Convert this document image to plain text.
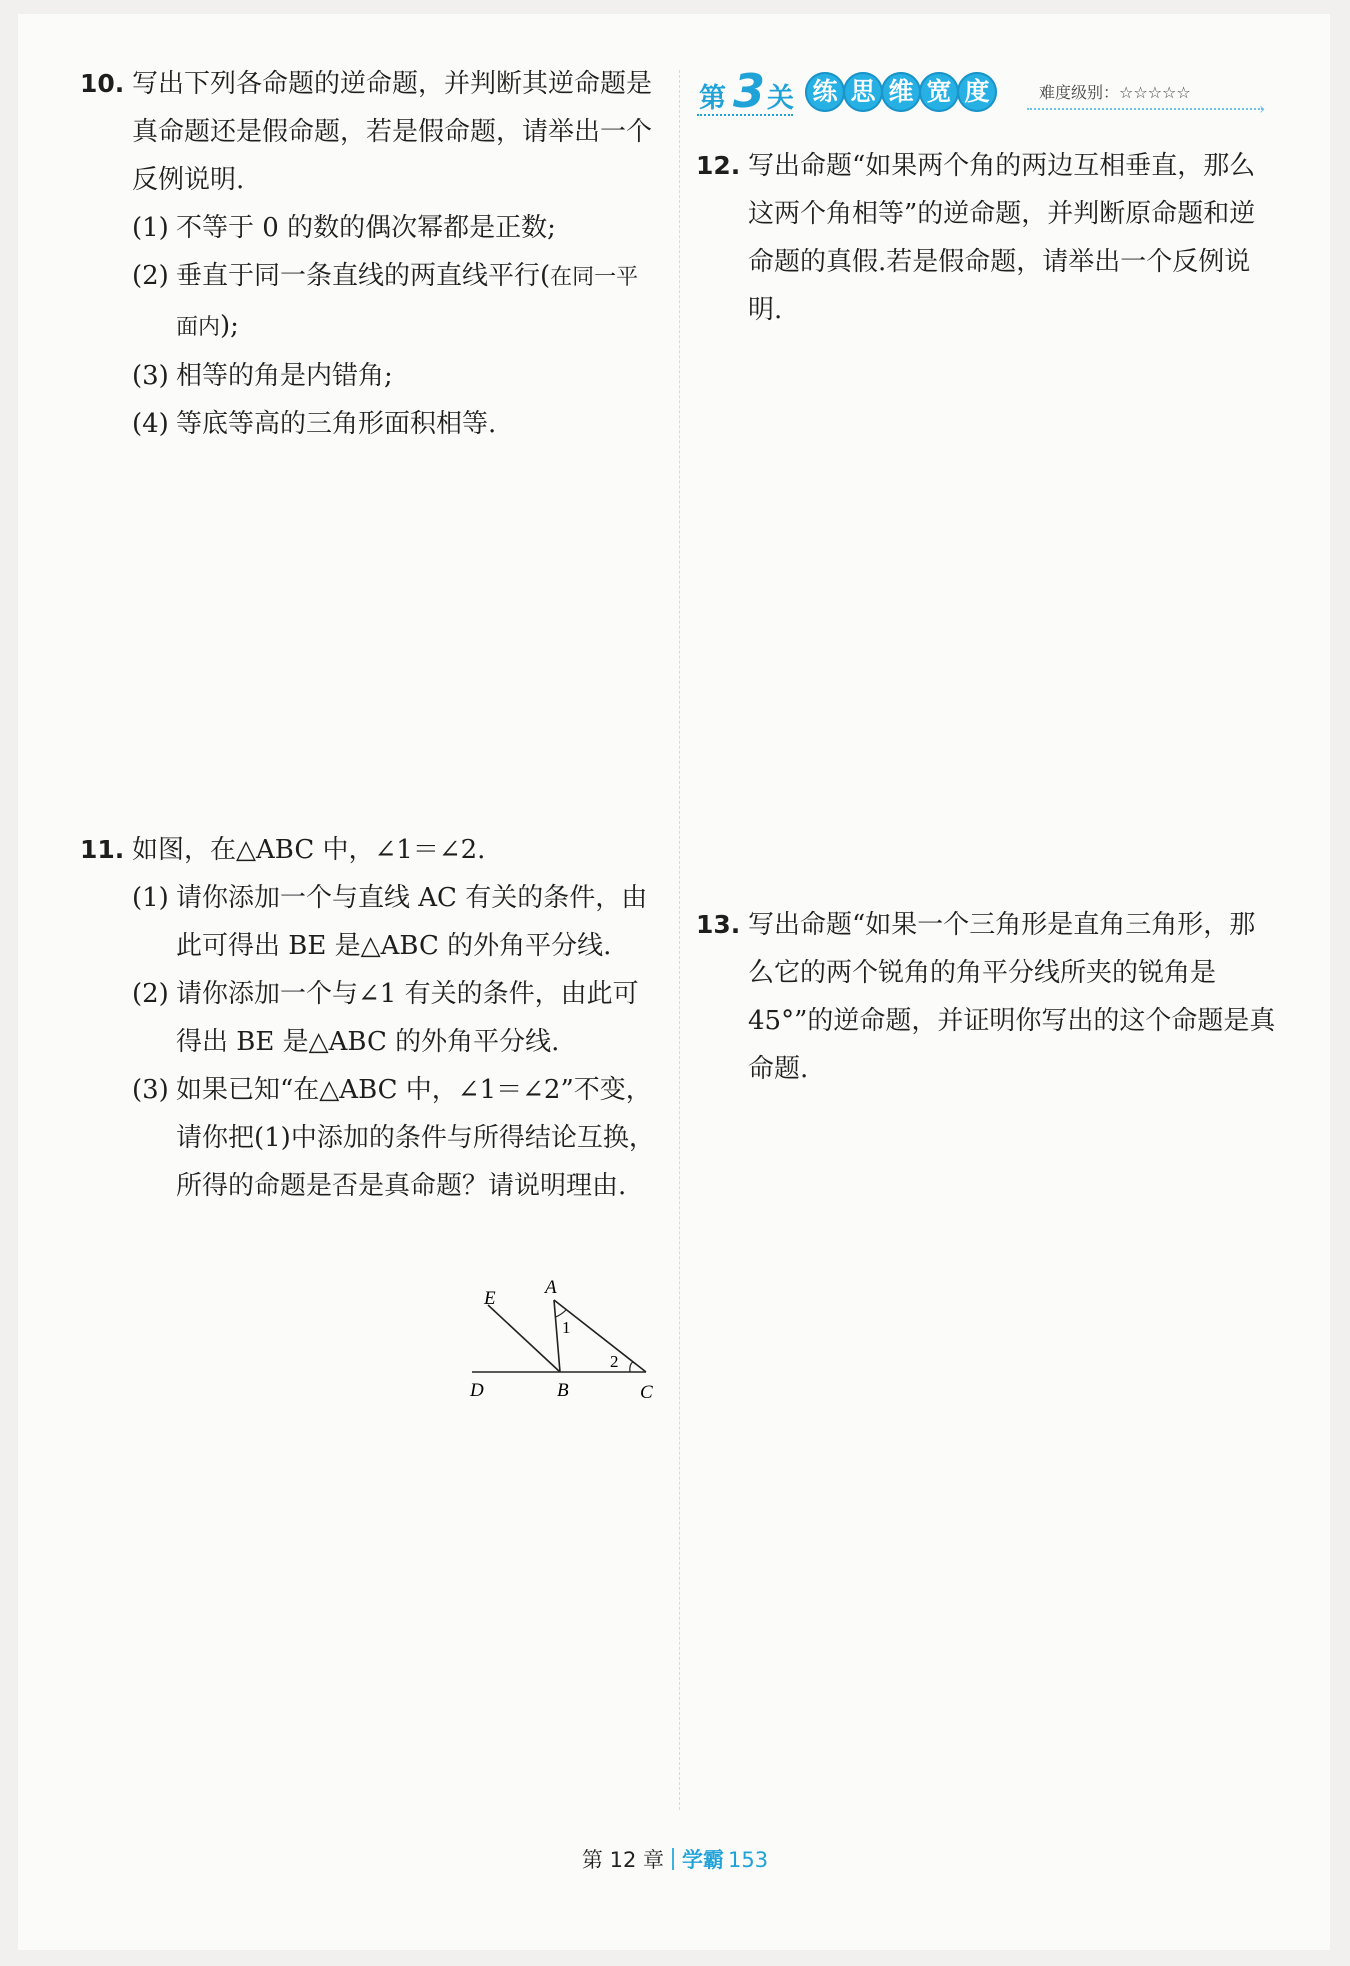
10. 写出下列各命题的逆命题，并判断其逆命题是真命题还是假命题，若是假命题，请举出一个反例说明.
(1) 不等于 0 的数的偶次幂都是正数;
(2) 垂直于同一条直线的两直线平行(在同一平面内);
(3) 相等的角是内错角;
(4) 等底等高的三角形面积相等.
11. 如图，在△ABC 中，∠1＝∠2.
(1) 请你添加一个与直线 AC 有关的条件，由此可得出 BE 是△ABC 的外角平分线.
(2) 请你添加一个与∠1 有关的条件，由此可得出 BE 是△ABC 的外角平分线.
(3) 如果已知“在△ABC 中，∠1＝∠2”不变，请你把(1)中添加的条件与所得结论互换，所得的命题是否是真命题？请说明理由.
E
A
1
2
D	B	C
第 3 关 练 思 维 宽 度	难度级别：☆☆☆☆☆
›
12. 写出命题“如果两个角的两边互相垂直，那么这两个角相等”的逆命题，并判断原命题和逆命题的真假.若是假命题，请举出一个反例说明.
13. 写出命题“如果一个三角形是直角三角形，那么它的两个锐角的角平分线所夹的锐角是 45°”的逆命题，并证明你写出的这个命题是真命题.
第 12 章 学霸 153
